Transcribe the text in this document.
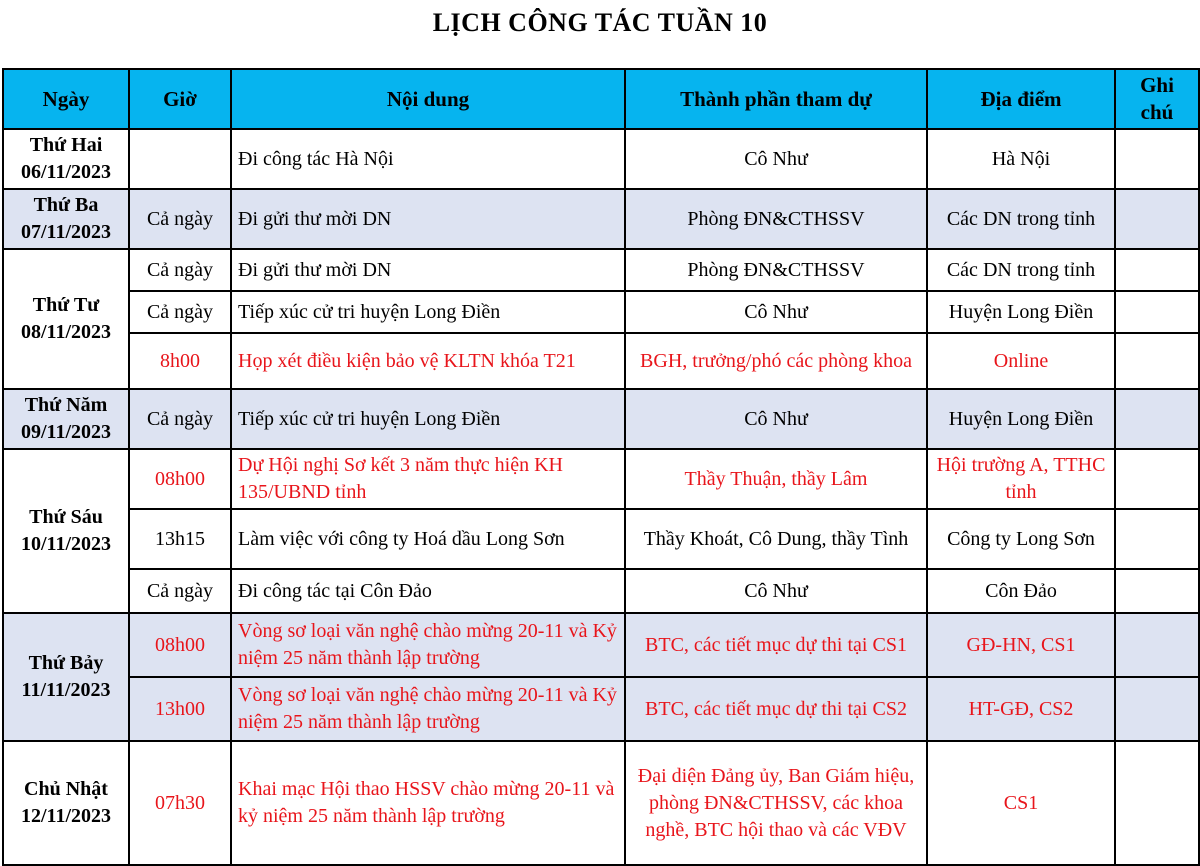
LỊCH CÔNG TÁC TUẦN 10
Ngày	Giờ	Nội dung	Thành phần tham dự	Địa điểm	Ghi chú

Thứ Hai
06/11/2023		Đi công tác Hà Nội	Cô Như	Hà Nội	

Thứ Ba
07/11/2023	Cả ngày	Đi gửi thư mời DN	Phòng ĐN&CTHSSV	Các DN trong tỉnh	

Thứ Tư
08/11/2023	Cả ngày	Đi gửi thư mời DN	Phòng ĐN&CTHSSV	Các DN trong tỉnh	
	Cả ngày	Tiếp xúc cử tri huyện Long Điền	Cô Như	Huyện Long Điền	
	8h00	Họp xét điều kiện bảo vệ KLTN khóa T21	BGH, trưởng/phó các phòng khoa	Online	

Thứ Năm
09/11/2023	Cả ngày	Tiếp xúc cử tri huyện Long Điền	Cô Như	Huyện Long Điền	

Thứ Sáu
10/11/2023	08h00	Dự Hội nghị Sơ kết 3 năm thực hiện KH 135/UBND tỉnh	Thầy Thuận, thầy Lâm	Hội trường A, TTHC tỉnh	
	13h15	Làm việc với công ty Hoá dầu Long Sơn	Thầy Khoát, Cô Dung, thầy Tình	Công ty Long Sơn	
	Cả ngày	Đi công tác tại Côn Đảo	Cô Như	Côn Đảo	

Thứ Bảy
11/11/2023	08h00	Vòng sơ loại văn nghệ chào mừng 20-11 và Kỷ niệm 25 năm thành lập trường	BTC, các tiết mục dự thi tại CS1	GĐ-HN, CS1	
	13h00	Vòng sơ loại văn nghệ chào mừng 20-11 và Kỷ niệm 25 năm thành lập trường	BTC, các tiết mục dự thi tại CS2	HT-GĐ, CS2	

Chủ Nhật
12/11/2023	07h30	Khai mạc Hội thao HSSV chào mừng 20-11 và kỷ niệm 25 năm thành lập trường	Đại diện Đảng ủy, Ban Giám hiệu, phòng ĐN&CTHSSV, các khoa nghề, BTC hội thao và các VĐV	CS1	
